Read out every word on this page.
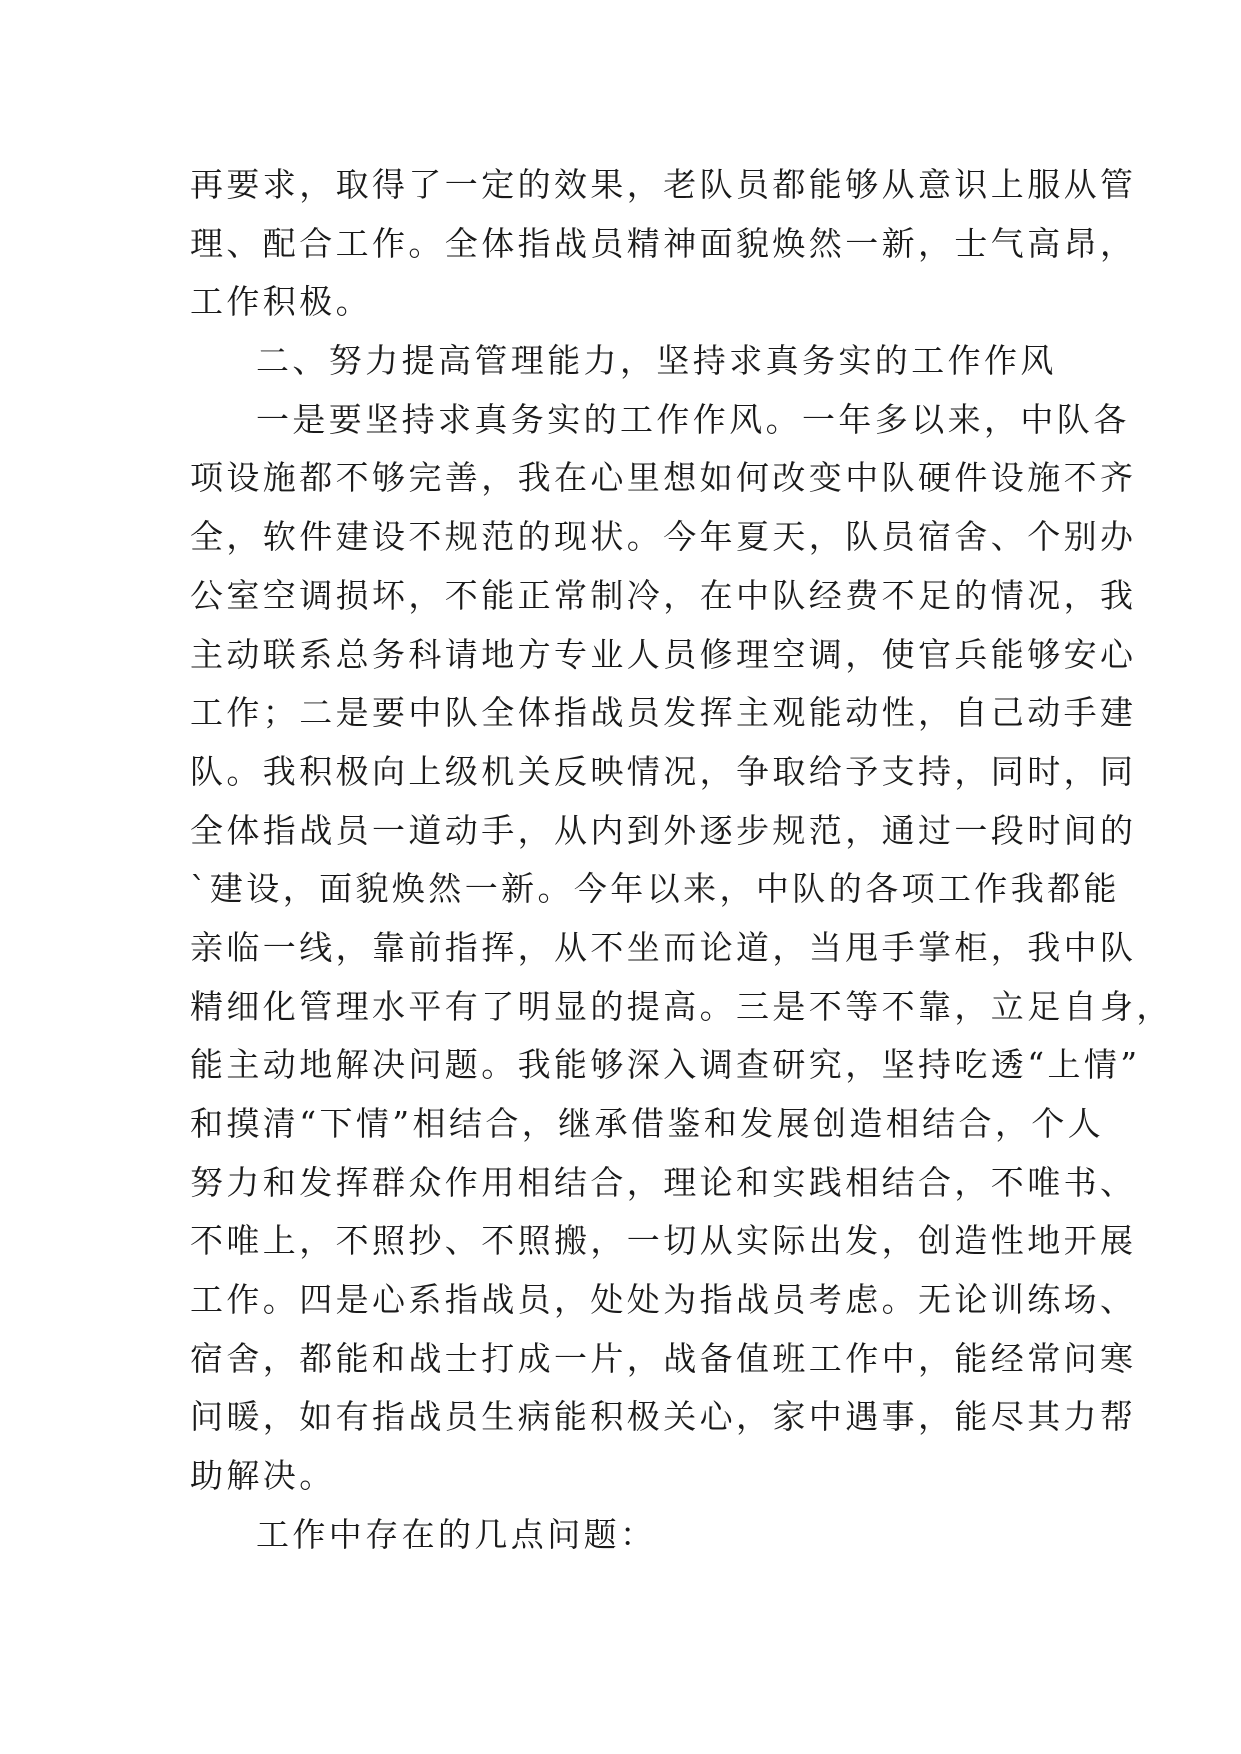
再要求，取得了一定的效果，老队员都能够从意识上服从管
理、配合工作。全体指战员精神面貌焕然一新，士气高昂，
工作积极。
二、努力提高管理能力，坚持求真务实的工作作风
一是要坚持求真务实的工作作风。一年多以来，中队各
项设施都不够完善，我在心里想如何改变中队硬件设施不齐
全，软件建设不规范的现状。今年夏天，队员宿舍、个别办
公室空调损坏，不能正常制冷，在中队经费不足的情况，我
主动联系总务科请地方专业人员修理空调，使官兵能够安心
工作；二是要中队全体指战员发挥主观能动性，自己动手建
队。我积极向上级机关反映情况，争取给予支持，同时，同
全体指战员一道动手，从内到外逐步规范，通过一段时间的
`建设，面貌焕然一新。今年以来，中队的各项工作我都能
亲临一线，靠前指挥，从不坐而论道，当甩手掌柜，我中队
精细化管理水平有了明显的提高。三是不等不靠，立足自身，
能主动地解决问题。我能够深入调查研究，坚持吃透“上情”
和摸清“下情”相结合，继承借鉴和发展创造相结合，个人
努力和发挥群众作用相结合，理论和实践相结合，不唯书、
不唯上，不照抄、不照搬，一切从实际出发，创造性地开展
工作。四是心系指战员，处处为指战员考虑。无论训练场、
宿舍，都能和战士打成一片，战备值班工作中，能经常问寒
问暖，如有指战员生病能积极关心，家中遇事，能尽其力帮
助解决。
工作中存在的几点问题：
